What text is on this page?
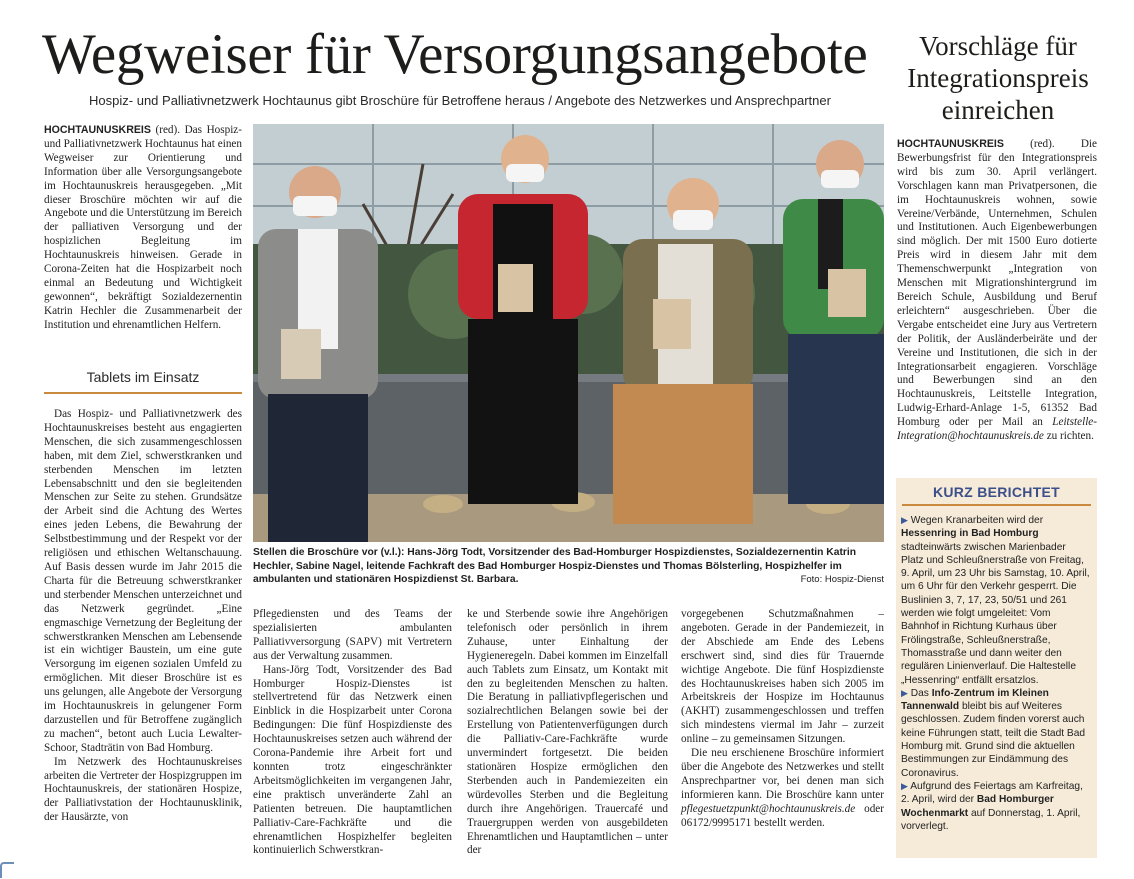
Wegweiser für Versorgungsangebote
Hospiz- und Palliativnetzwerk Hochtaunus gibt Broschüre für Betroffene heraus / Angebote des Netzwerkes und Ansprechpartner

HOCHTAUNUSKREIS (red). Das Hospiz- und Palliativnetzwerk Hochtaunus hat einen Wegweiser zur Orientierung und Information über alle Versorgungsangebote im Hochtaunuskreis herausgegeben. „Mit dieser Broschüre möchten wir auf die Angebote und die Unterstützung im Bereich der palliativen Versorgung und der hospizlichen Begleitung im Hochtaunuskreis hinweisen. Gerade in Corona-Zeiten hat die Hospizarbeit noch einmal an Bedeutung und Wichtigkeit gewonnen“, bekräftigt Sozialdezernentin Katrin Hechler die Zusammenarbeit der Institution und ehrenamtlichen Helfern.

Tablets im Einsatz

Das Hospiz- und Palliativnetzwerk des Hochtaunuskreises besteht aus engagierten Menschen, die sich zusammengeschlossen haben, mit dem Ziel, schwerstkranken und sterbenden Menschen im letzten Lebensabschnitt und den sie begleitenden Menschen zur Seite zu stehen. Grundsätze der Arbeit sind die Achtung des Wertes eines jeden Lebens, die Bewahrung der Selbstbestimmung und der Respekt vor der religiösen und ethischen Weltanschauung. Auf Basis dessen wurde im Jahr 2015 die Charta für die Betreuung schwerstkranker und sterbender Menschen unterzeichnet und das Netzwerk gegründet. „Eine engmaschige Vernetzung der Begleitung der schwerstkranken Menschen am Lebensende ist ein wichtiger Baustein, um eine gute Versorgung im eigenen sozialen Umfeld zu ermöglichen. Mit dieser Broschüre ist es uns gelungen, alle Angebote der Versorgung im Hochtaunuskreis in gelungener Form darzustellen und für Betroffene zugänglich zu machen“, betont auch Lucia Lewalter-Schoor, Stadträtin von Bad Homburg.

Im Netzwerk des Hochtaunuskreises arbeiten die Vertreter der Hospizgruppen im Hochtaunuskreis, der stationären Hospize, der Palliativstation der Hochtaunusklinik, der Hausärzte, von

Stellen die Broschüre vor (v.l.): Hans-Jörg Todt, Vorsitzender des Bad-Homburger Hospizdienstes, Sozialdezernentin Katrin Hechler, Sabine Nagel, leitende Fachkraft des Bad Homburger Hospiz-Dienstes und Thomas Bölsterling, Hospizhelfer im ambulanten und stationären Hospizdienst St. Barbara.	Foto: Hospiz-Dienst

Pflegediensten und des Teams der spezialisierten ambulanten Palliativversorgung (SAPV) mit Vertretern aus der Verwaltung zusammen.

Hans-Jörg Todt, Vorsitzender des Bad Homburger Hospiz-Dienstes ist stellvertretend für das Netzwerk einen Einblick in die Hospizarbeit unter Corona Bedingungen: Die fünf Hospizdienste des Hochtaunuskreises setzen auch während der Corona-Pandemie ihre Arbeit fort und konnten trotz eingeschränkter Arbeitsmöglichkeiten im vergangenen Jahr, eine praktisch unveränderte Zahl an Patienten betreuen. Die hauptamtlichen Palliativ-Care-Fachkräfte und die ehrenamtlichen Hospizhelfer begleiten kontinuierlich Schwerstkran-

ke und Sterbende sowie ihre Angehörigen telefonisch oder persönlich in ihrem Zuhause, unter Einhaltung der Hygieneregeln. Dabei kommen im Einzelfall auch Tablets zum Einsatz, um Kontakt mit den zu begleitenden Menschen zu halten. Die Beratung in palliativpflegerischen und sozialrechtlichen Belangen sowie bei der Erstellung von Patientenverfügungen durch die Palliativ-Care-Fachkräfte wurde unvermindert fortgesetzt. Die beiden stationären Hospize ermöglichen den Sterbenden auch in Pandemiezeiten ein würdevolles Sterben und die Begleitung durch ihre Angehörigen. Trauercafé und Trauergruppen werden von ausgebildeten Ehrenamtlichen und Hauptamtlichen – unter der

vorgegebenen Schutzmaßnahmen – angeboten. Gerade in der Pandemiezeit, in der Abschiede am Ende des Lebens erschwert sind, sind dies für Trauernde wichtige Angebote. Die fünf Hospizdienste des Hochtaunuskreises haben sich 2005 im Arbeitskreis der Hospize im Hochtaunus (AKHT) zusammengeschlossen und treffen sich mindestens viermal im Jahr – zurzeit online – zu gemeinsamen Sitzungen.

Die neu erschienene Broschüre informiert über die Angebote des Netzwerkes und stellt Ansprechpartner vor, bei denen man sich informieren kann. Die Broschüre kann unter pflegestuetzpunkt@hochtaunuskreis.de oder 06172/9995171 bestellt werden.

Vorschläge für Integrationspreis einreichen

HOCHTAUNUSKREIS (red). Die Bewerbungsfrist für den Integrationspreis wird bis zum 30. April verlängert. Vorschlagen kann man Privatpersonen, die im Hochtaunuskreis wohnen, sowie Vereine/Verbände, Unternehmen, Schulen und Institutionen. Auch Eigenbewerbungen sind möglich. Der mit 1500 Euro dotierte Preis wird in diesem Jahr mit dem Themenschwerpunkt „Integration von Menschen mit Migrationshintergrund im Bereich Schule, Ausbildung und Beruf erleichtern“ ausgeschrieben. Über die Vergabe entscheidet eine Jury aus Vertretern der Politik, der Ausländerbeiräte und der Vereine und Institutionen, die sich in der Integrationsarbeit engagieren. Vorschläge und Bewerbungen sind an den Hochtaunuskreis, Leitstelle Integration, Ludwig-Erhard-Anlage 1-5, 61352 Bad Homburg oder per Mail an Leitstelle-Integration@hochtaunuskreis.de zu richten.

KURZ BERICHTET

▶ Wegen Kranarbeiten wird der Hessenring in Bad Homburg stadteinwärts zwischen Marienbader Platz und Schleußnerstraße von Freitag, 9. April, um 23 Uhr bis Samstag, 10. April, um 6 Uhr für den Verkehr gesperrt. Die Buslinien 3, 7, 17, 23, 50/51 und 261 werden wie folgt umgeleitet: Vom Bahnhof in Richtung Kurhaus über Frölingstraße, Schleußnerstraße, Thomasstraße und dann weiter den regulären Linienverlauf. Die Haltestelle „Hessenring“ entfällt ersatzlos.

▶ Das Info-Zentrum im Kleinen Tannenwald bleibt bis auf Weiteres geschlossen. Zudem finden vorerst auch keine Führungen statt, teilt die Stadt Bad Homburg mit. Grund sind die aktuellen Bestimmungen zur Eindämmung des Coronavirus.

▶ Aufgrund des Feiertags am Karfreitag, 2. April, wird der Bad Homburger Wochenmarkt auf Donnerstag, 1. April, vorverlegt.
